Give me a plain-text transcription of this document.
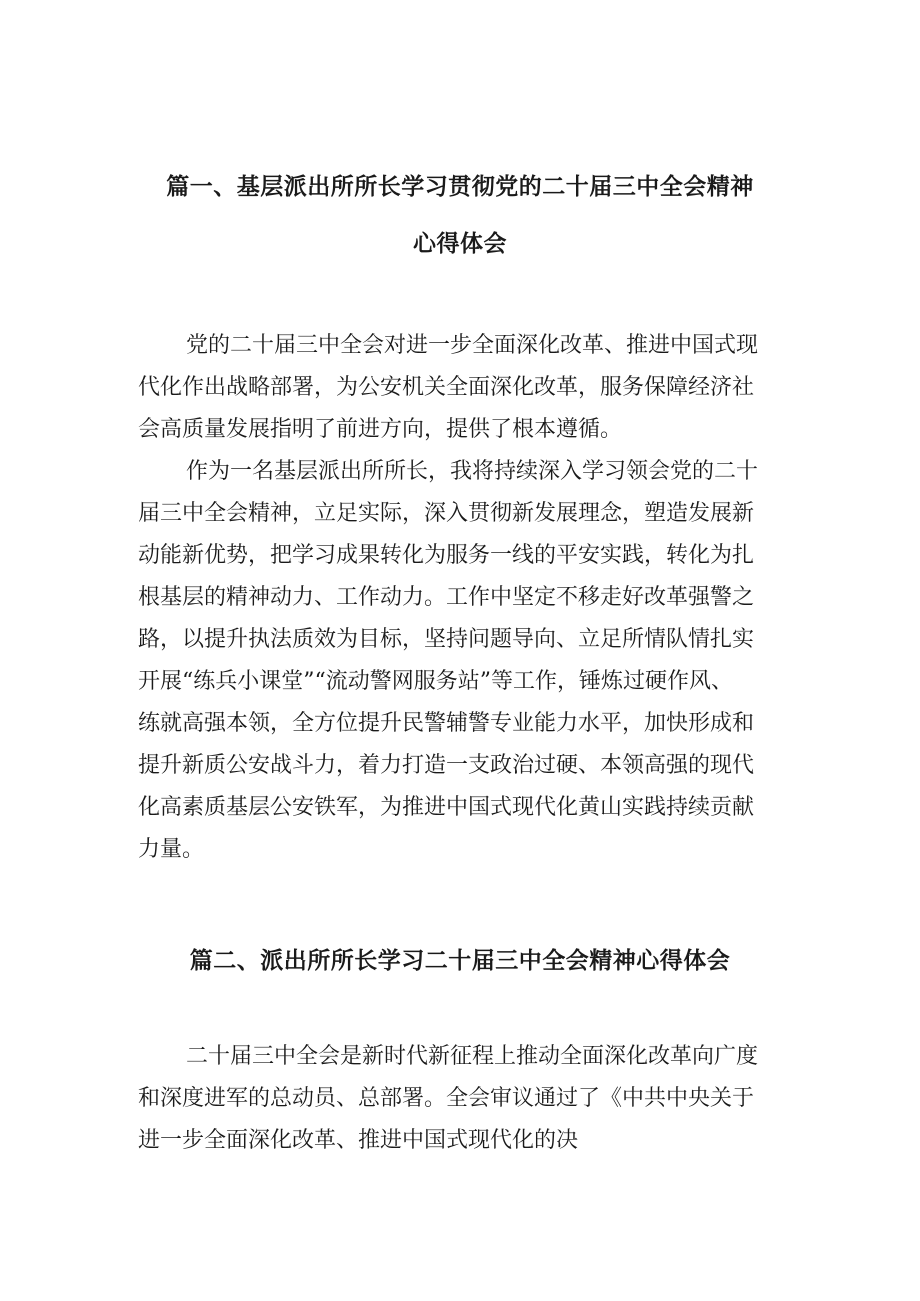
篇一、基层派出所所长学习贯彻党的二十届三中全会精神
心得体会
党的二十届三中全会对进一步全面深化改革、推进中国式现
代化作出战略部署，为公安机关全面深化改革，服务保障经济社
会高质量发展指明了前进方向，提供了根本遵循。
作为一名基层派出所所长，我将持续深入学习领会党的二十
届三中全会精神，立足实际，深入贯彻新发展理念，塑造发展新
动能新优势，把学习成果转化为服务一线的平安实践，转化为扎
根基层的精神动力、工作动力。工作中坚定不移走好改革强警之
路，以提升执法质效为目标，坚持问题导向、立足所情队情扎实
开展“练兵小课堂”“流动警网服务站”等工作，锤炼过硬作风、
练就高强本领，全方位提升民警辅警专业能力水平，加快形成和
提升新质公安战斗力，着力打造一支政治过硬、本领高强的现代
化高素质基层公安铁军，为推进中国式现代化黄山实践持续贡献
力量。
篇二、派出所所长学习二十届三中全会精神心得体会
二十届三中全会是新时代新征程上推动全面深化改革向广度
和深度进军的总动员、总部署。全会审议通过了《中共中央关于
进一步全面深化改革、推进中国式现代化的决
